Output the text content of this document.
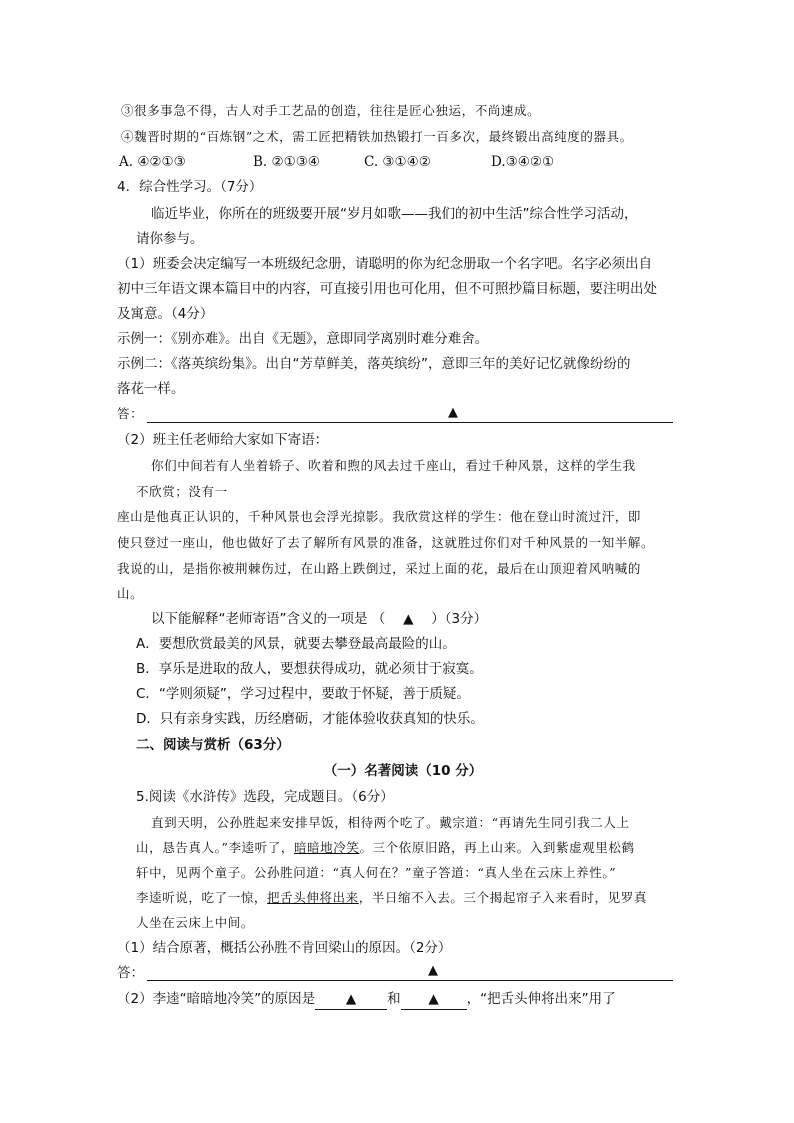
③很多事急不得，古人对手工艺品的创造，往往是匠心独运，不尚速成。
④魏晋时期的“百炼钢”之术，需工匠把精铁加热锻打一百多次，最终锻出高纯度的器具。
A. ④②①③	B. ②①③④	C. ③①④②	D.③④②①
4．综合性学习。（7分）
临近毕业，你所在的班级要开展“岁月如歌——我们的初中生活”综合性学习活动，
请你参与。
（1）班委会决定编写一本班级纪念册，请聪明的你为纪念册取一个名字吧。名字必须出自
初中三年语文课本篇目中的内容，可直接引用也可化用，但不可照抄篇目标题，要注明出处
及寓意。（4分）
示例一：《别亦难》。出自《无题》，意即同学离别时难分难舍。
示例二：《落英缤纷集》。出自“芳草鲜美，落英缤纷”，意即三年的美好记忆就像纷纷的
落花一样。
答：	▲
（2）班主任老师给大家如下寄语：
你们中间若有人坐着轿子、吹着和煦的风去过千座山，看过千种风景，这样的学生我
不欣赏；没有一
座山是他真正认识的，千种风景也会浮光掠影。我欣赏这样的学生：他在登山时流过汗，即
使只登过一座山，他也做好了去了解所有风景的准备，这就胜过你们对千种风景的一知半解。
我说的山，是指你被荆棘伤过，在山路上跌倒过，采过上面的花，最后在山顶迎着风呐喊的
山。
以下能解释“老师寄语”含义的一项是 （ ▲ ）（3分）
A．要想欣赏最美的风景，就要去攀登最高最险的山。
B．享乐是进取的敌人，要想获得成功，就必须甘于寂寞。
C．“学则须疑”，学习过程中，要敢于怀疑，善于质疑。
D．只有亲身实践，历经磨砺，才能体验收获真知的快乐。
二、阅读与赏析（63分）
（一）名著阅读（10 分）
5.阅读《水浒传》选段，完成题目。（6分）
直到天明，公孙胜起来安排早饭，相待两个吃了。戴宗道：“再请先生同引我二人上
山，恳告真人。”李逵听了，暗暗地冷笑。三个依原旧路，再上山来。入到紫虚观里松鹤
轩中，见两个童子。公孙胜问道：“真人何在？”童子答道：“真人坐在云床上养性。”
李逵听说，吃了一惊，把舌头伸将出来，半日缩不入去。三个揭起帘子入来看时，见罗真
人坐在云床上中间。
（1）结合原著，概括公孙胜不肯回梁山的原因。（2分）
答：	▲
（2）李逵“暗暗地冷笑”的原因是 ▲ 和 ▲ ，“把舌头伸将出来”用了
